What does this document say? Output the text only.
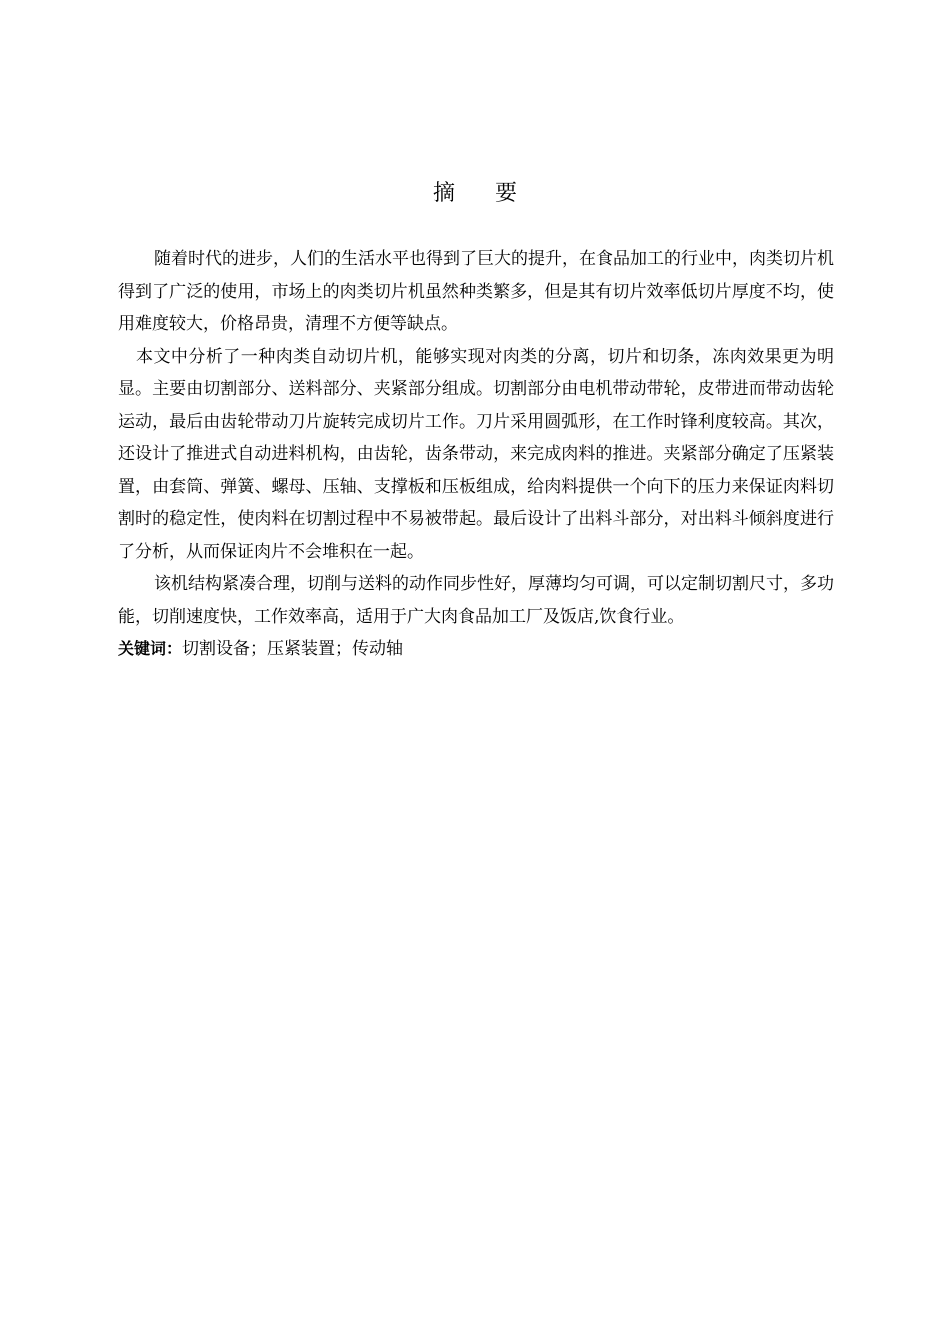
摘要

随着时代的进步，人们的生活水平也得到了巨大的提升，在食品加工的行业中，肉类切片机得到了广泛的使用，市场上的肉类切片机虽然种类繁多，但是其有切片效率低切片厚度不均，使用难度较大，价格昂贵，清理不方便等缺点。

本文中分析了一种肉类自动切片机，能够实现对肉类的分离，切片和切条，冻肉效果更为明显。主要由切割部分、送料部分、夹紧部分组成。切割部分由电机带动带轮，皮带进而带动齿轮运动，最后由齿轮带动刀片旋转完成切片工作。刀片采用圆弧形，在工作时锋利度较高。其次，还设计了推进式自动进料机构，由齿轮，齿条带动，来完成肉料的推进。夹紧部分确定了压紧装置，由套筒、弹簧、螺母、压轴、支撑板和压板组成，给肉料提供一个向下的压力来保证肉料切割时的稳定性，使肉料在切割过程中不易被带起。最后设计了出料斗部分，对出料斗倾斜度进行了分析，从而保证肉片不会堆积在一起。

该机结构紧凑合理，切削与送料的动作同步性好，厚薄均匀可调，可以定制切割尺寸，多功能，切削速度快，工作效率高，适用于广大肉食品加工厂及饭店,饮食行业。

关键词：切割设备；压紧装置；传动轴
